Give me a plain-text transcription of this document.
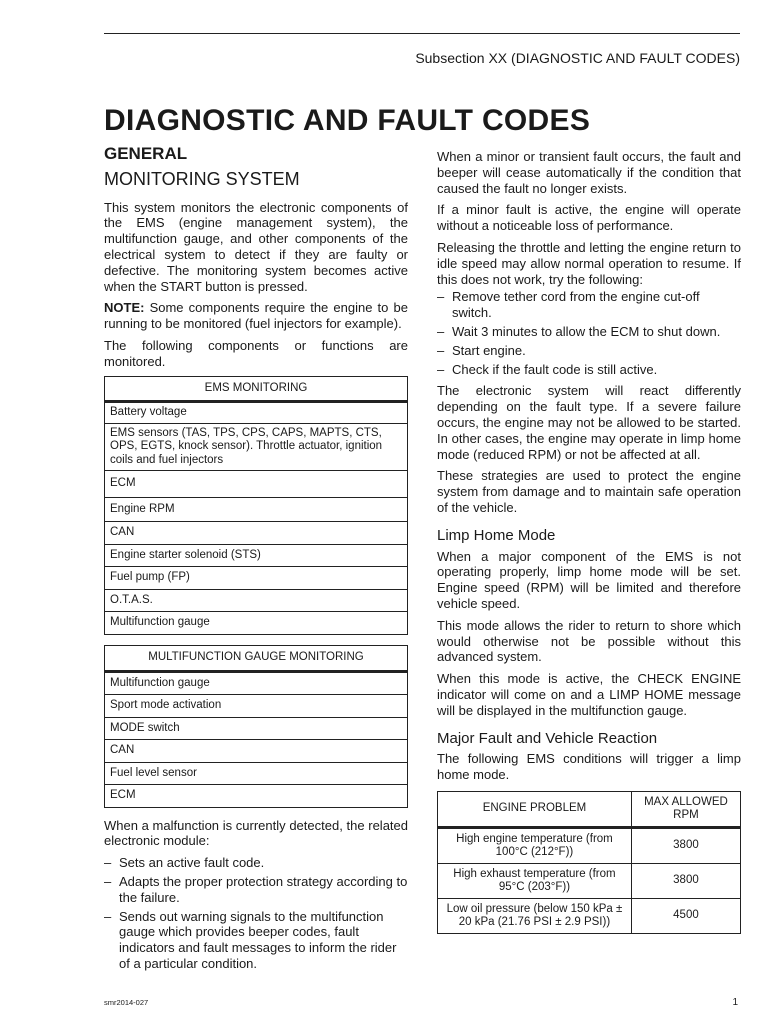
Subsection XX (DIAGNOSTIC AND FAULT CODES)
DIAGNOSTIC AND FAULT CODES
GENERAL
MONITORING SYSTEM

This system monitors the electronic components of the EMS (engine management system), the multifunction gauge, and other components of the electrical system to detect if they are faulty or defective. The monitoring system becomes active when the START button is pressed.

NOTE: Some components require the engine to be running to be monitored (fuel injectors for example).

The following components or functions are monitored.

EMS MONITORING
Battery voltage
EMS sensors (TAS, TPS, CPS, CAPS, MAPTS, CTS, OPS, EGTS, knock sensor). Throttle actuator, ignition coils and fuel injectors
ECM
Engine RPM
CAN
Engine starter solenoid (STS)
Fuel pump (FP)
O.T.A.S.
Multifunction gauge
MULTIFUNCTION GAUGE MONITORING
Multifunction gauge
Sport mode activation
MODE switch
CAN
Fuel level sensor
ECM

When a malfunction is currently detected, the related electronic module:

– Sets an active fault code.
– Adapts the proper protection strategy according to the failure.
– Sends out warning signals to the multifunction gauge which provides beeper codes, fault indicators and fault messages to inform the rider of a particular condition.

When a minor or transient fault occurs, the fault and beeper will cease automatically if the condition that caused the fault no longer exists.

If a minor fault is active, the engine will operate without a noticeable loss of performance.

Releasing the throttle and letting the engine return to idle speed may allow normal operation to resume. If this does not work, try the following:

– Remove tether cord from the engine cut-off switch.
– Wait 3 minutes to allow the ECM to shut down.
– Start engine.
– Check if the fault code is still active.

The electronic system will react differently depending on the fault type. If a severe failure occurs, the engine may not be allowed to be started. In other cases, the engine may operate in limp home mode (reduced RPM) or not be affected at all.

These strategies are used to protect the engine system from damage and to maintain safe operation of the vehicle.

Limp Home Mode

When a major component of the EMS is not operating properly, limp home mode will be set. Engine speed (RPM) will be limited and therefore vehicle speed.

This mode allows the rider to return to shore which would otherwise not be possible without this advanced system.

When this mode is active, the CHECK ENGINE indicator will come on and a LIMP HOME message will be displayed in the multifunction gauge.

Major Fault and Vehicle Reaction

The following EMS conditions will trigger a limp home mode.

ENGINE PROBLEM	MAX ALLOWED RPM
High engine temperature (from 100°C (212°F))	3800
High exhaust temperature (from 95°C (203°F))	3800
Low oil pressure (below 150 kPa ± 20 kPa (21.76 PSI ± 2.9 PSI))	4500
smr2014-027	1
